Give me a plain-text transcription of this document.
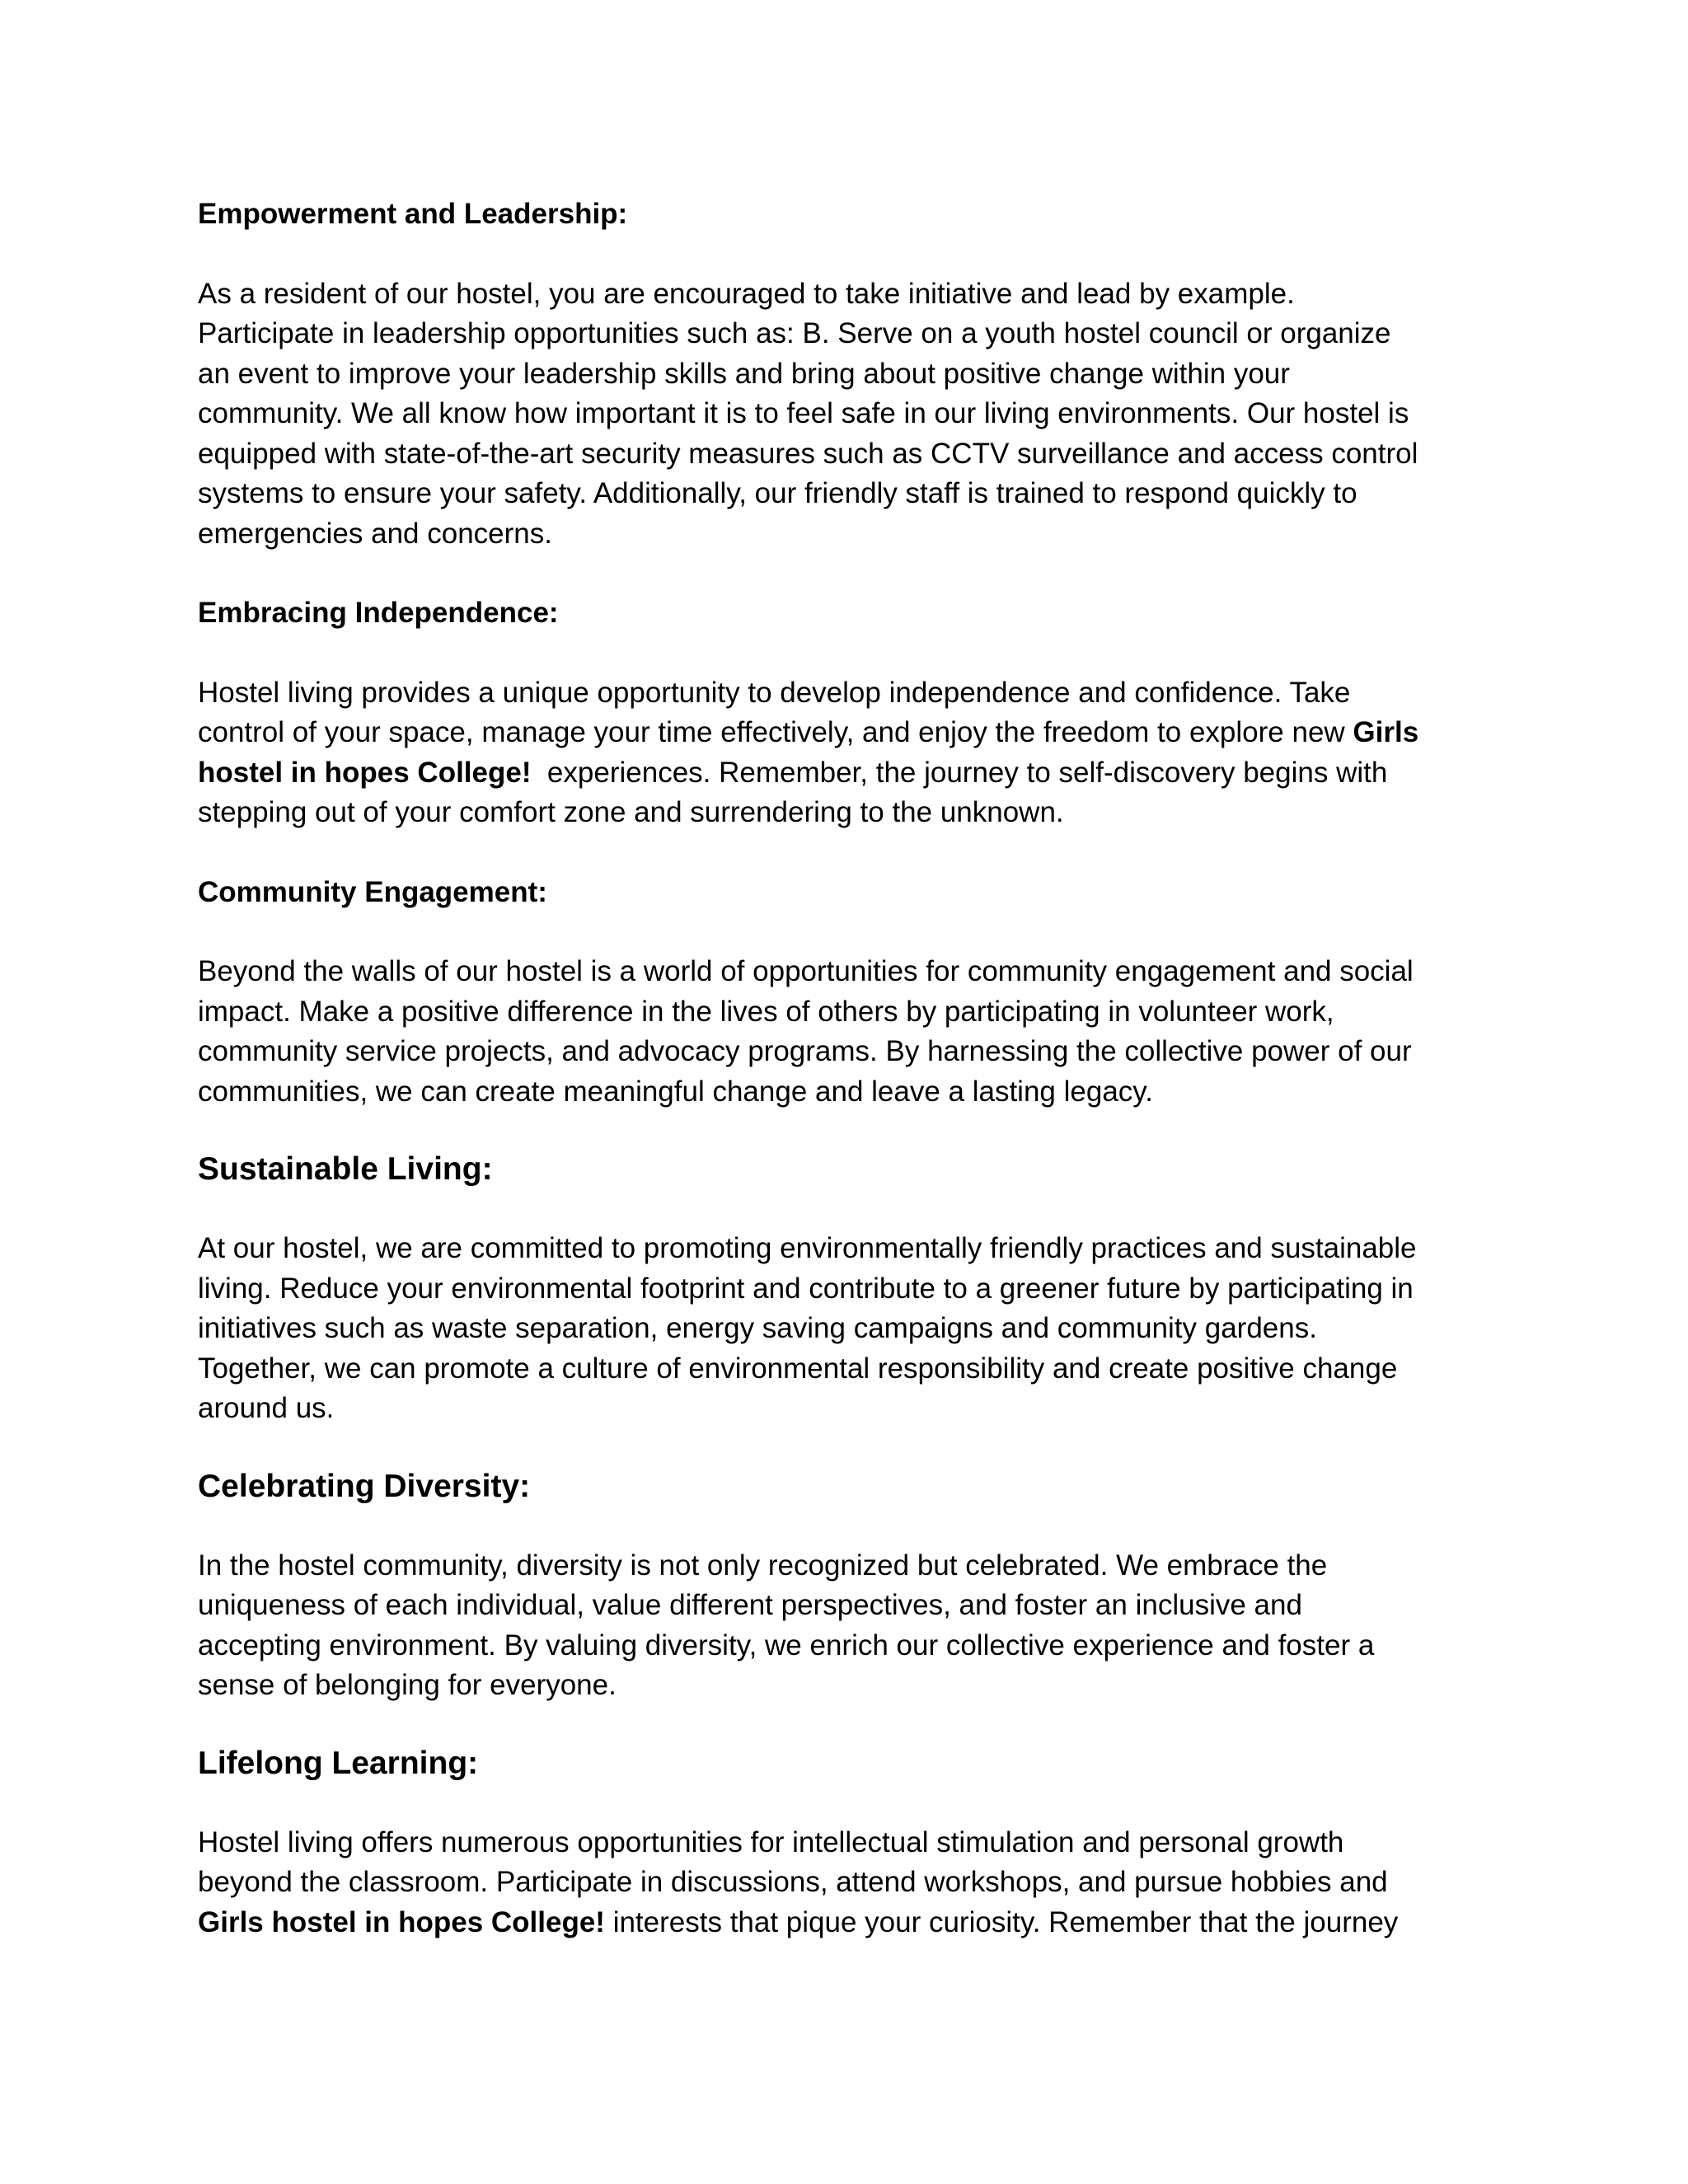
Empowerment and Leadership:
As a resident of our hostel, you are encouraged to take initiative and lead by example.
Participate in leadership opportunities such as: B. Serve on a youth hostel council or organize
an event to improve your leadership skills and bring about positive change within your
community. We all know how important it is to feel safe in our living environments. Our hostel is
equipped with state-of-the-art security measures such as CCTV surveillance and access control
systems to ensure your safety. Additionally, our friendly staff is trained to respond quickly to
emergencies and concerns.
Embracing Independence:
Hostel living provides a unique opportunity to develop independence and confidence. Take
control of your space, manage your time effectively, and enjoy the freedom to explore new Girls
hostel in hopes College!  experiences. Remember, the journey to self-discovery begins with
stepping out of your comfort zone and surrendering to the unknown.
Community Engagement:
Beyond the walls of our hostel is a world of opportunities for community engagement and social
impact. Make a positive difference in the lives of others by participating in volunteer work,
community service projects, and advocacy programs. By harnessing the collective power of our
communities, we can create meaningful change and leave a lasting legacy.
Sustainable Living:
At our hostel, we are committed to promoting environmentally friendly practices and sustainable
living. Reduce your environmental footprint and contribute to a greener future by participating in
initiatives such as waste separation, energy saving campaigns and community gardens.
Together, we can promote a culture of environmental responsibility and create positive change
around us.
Celebrating Diversity:
In the hostel community, diversity is not only recognized but celebrated. We embrace the
uniqueness of each individual, value different perspectives, and foster an inclusive and
accepting environment. By valuing diversity, we enrich our collective experience and foster a
sense of belonging for everyone.
Lifelong Learning:
Hostel living offers numerous opportunities for intellectual stimulation and personal growth
beyond the classroom. Participate in discussions, attend workshops, and pursue hobbies and
Girls hostel in hopes College! interests that pique your curiosity. Remember that the journey
